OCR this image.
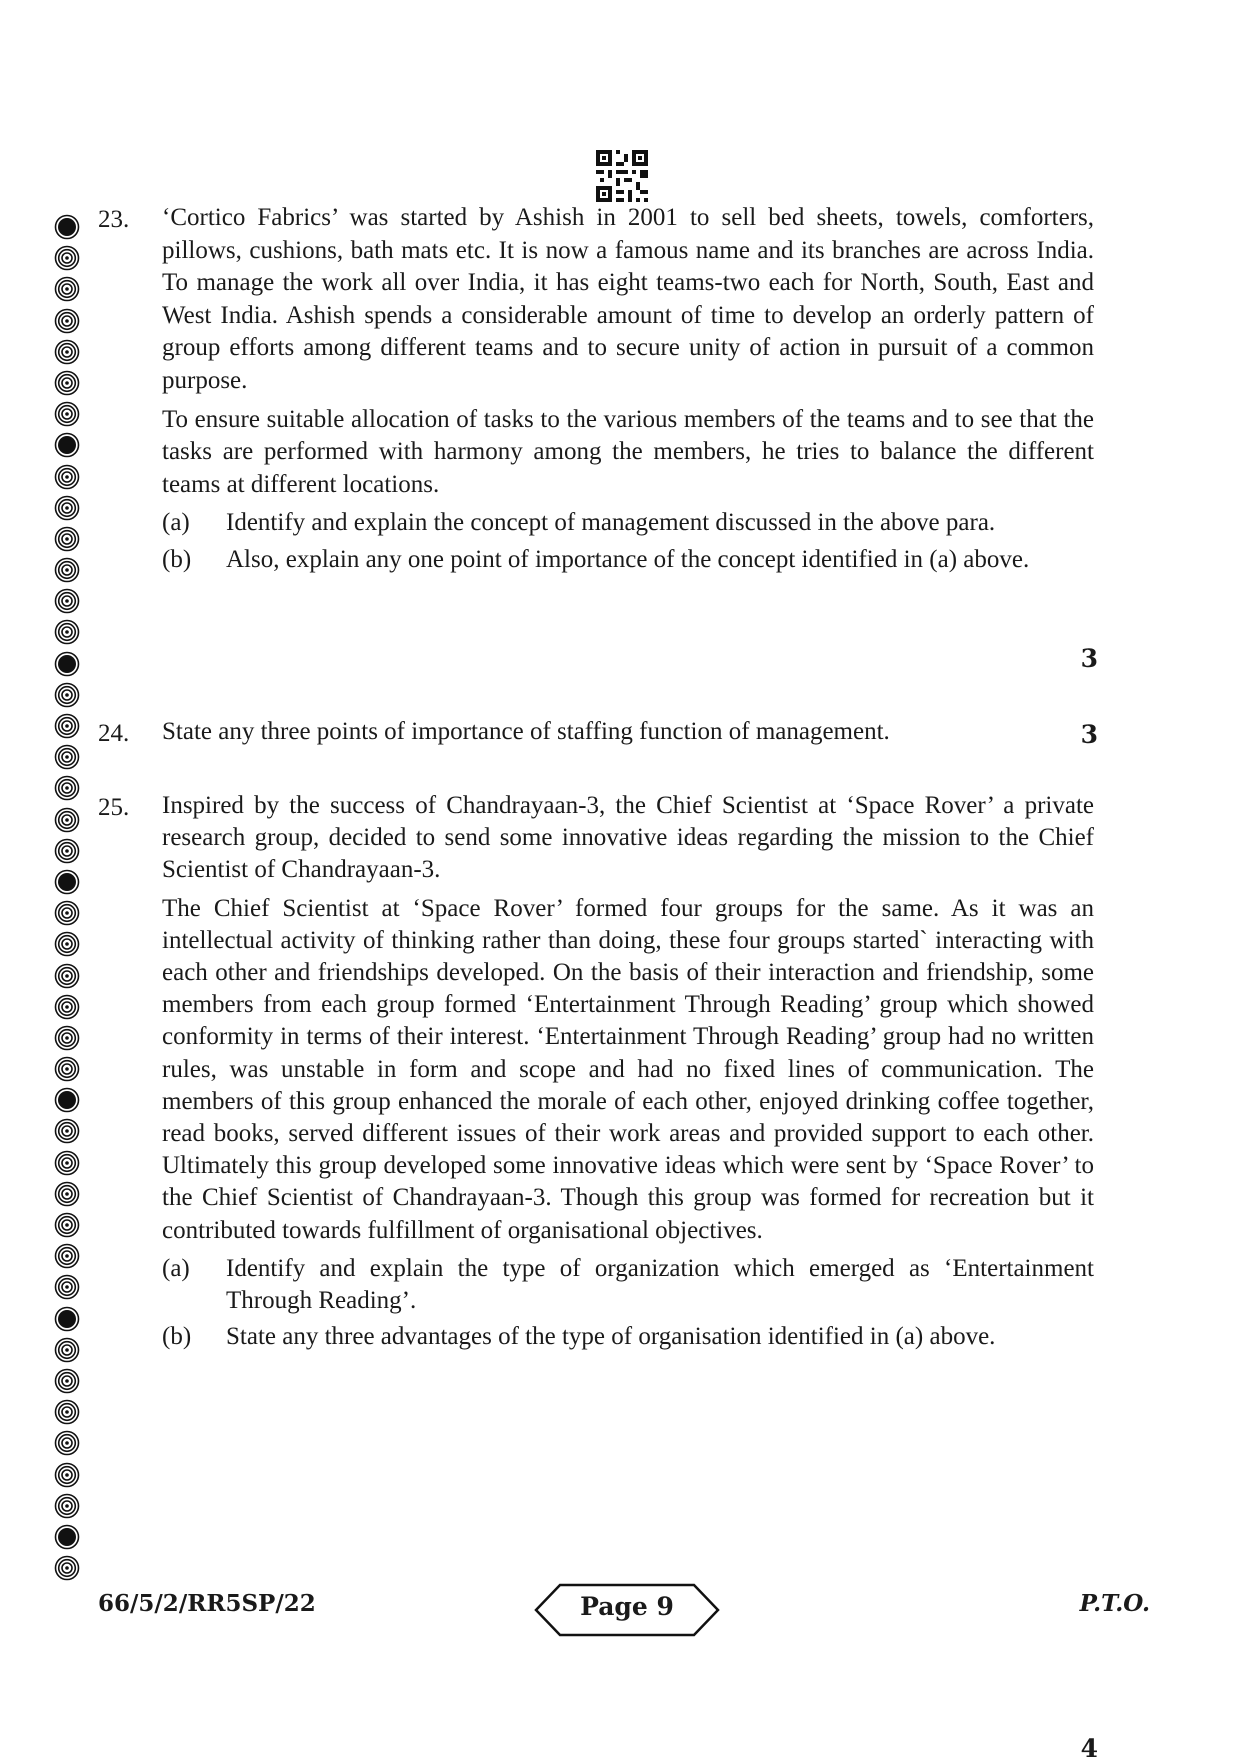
23. ‘Cortico Fabrics’ was started by Ashish in 2001 to sell bed sheets, towels, comforters, pillows, cushions, bath mats etc. It is now a famous name and its branches are across India. To manage the work all over India, it has eight teams-two each for North, South, East and West India. Ashish spends a considerable amount of time to develop an orderly pattern of group efforts among different teams and to secure unity of action in pursuit of a common purpose.

To ensure suitable allocation of tasks to the various members of the teams and to see that the tasks are performed with harmony among the members, he tries to balance the different teams at different locations.

(a) Identify and explain the concept of management discussed in the above para.
(b) Also, explain any one point of importance of the concept identified in (a) above.
3
24. State any three points of importance of staffing function of management.	3
25. Inspired by the success of Chandrayaan-3, the Chief Scientist at ‘Space Rover’ a private research group, decided to send some innovative ideas regarding the mission to the Chief Scientist of Chandrayaan-3.

The Chief Scientist at ‘Space Rover’ formed four groups for the same. As it was an intellectual activity of thinking rather than doing, these four groups started` interacting with each other and friendships developed. On the basis of their interaction and friendship, some members from each group formed ‘Entertainment Through Reading’ group which showed conformity in terms of their interest. ‘Entertainment Through Reading’ group had no written rules, was unstable in form and scope and had no fixed lines of communication. The members of this group enhanced the morale of each other, enjoyed drinking coffee together, read books, served different issues of their work areas and provided support to each other. Ultimately this group developed some innovative ideas which were sent by ‘Space Rover’ to the Chief Scientist of Chandrayaan-3. Though this group was formed for recreation but it contributed towards fulfillment of organisational objectives.

(a) Identify and explain the type of organization which emerged as ‘Entertainment Through Reading’.
(b) State any three advantages of the type of organisation identified in (a) above.
4
66/5/2/RR5SP/22	Page 9	P.T.O.
